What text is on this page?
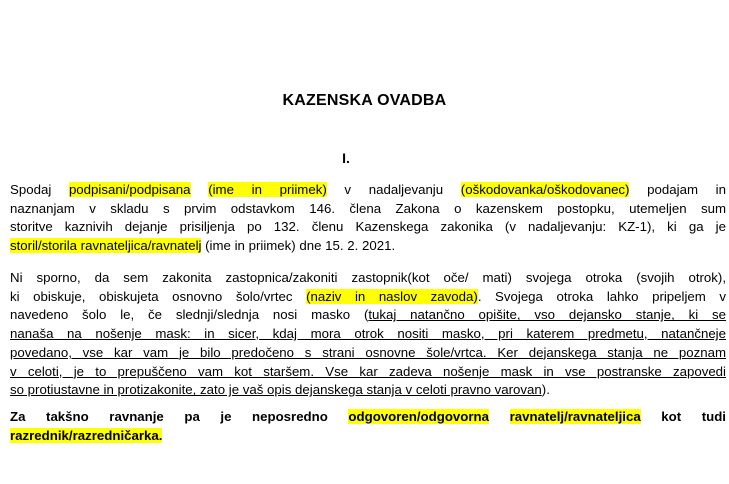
KAZENSKA OVADBA
I.

Spodaj podpisani/podpisana (ime in priimek) v nadaljevanju (oškodovanka/oškodovanec) podajam in
naznanjam v skladu s prvim odstavkom 146. člena Zakona o kazenskem postopku, utemeljen sum
storitve kaznivih dejanje prisiljenja po 132. členu Kazenskega zakonika (v nadaljevanju: KZ-1), ki ga je
storil/storila ravnateljica/ravnatelj (ime in priimek) dne 15. 2. 2021.

Ni sporno, da sem zakonita zastopnica/zakoniti zastopnik(kot oče/ mati) svojega otroka (svojih otrok),
ki obiskuje, obiskujeta osnovno šolo/vrtec (naziv in naslov zavoda). Svojega otroka lahko pripeljem v
navedeno šolo le, če slednji/slednja nosi masko (tukaj natančno opišite, vso dejansko stanje, ki se
nanaša na nošenje mask: in sicer, kdaj mora otrok nositi masko, pri katerem predmetu, natančneje
povedano, vse kar vam je bilo predočeno s strani osnovne šole/vrtca. Ker dejanskega stanja ne poznam
v celoti, je to prepuščeno vam kot staršem. Vse kar zadeva nošenje mask in vse postranske zapovedi
so protiustavne in protizakonite, zato je vaš opis dejanskega stanja v celoti pravno varovan).

Za takšno ravnanje pa je neposredno odgovoren/odgovorna ravnatelj/ravnateljica kot tudi
razrednik/razredničarka.
